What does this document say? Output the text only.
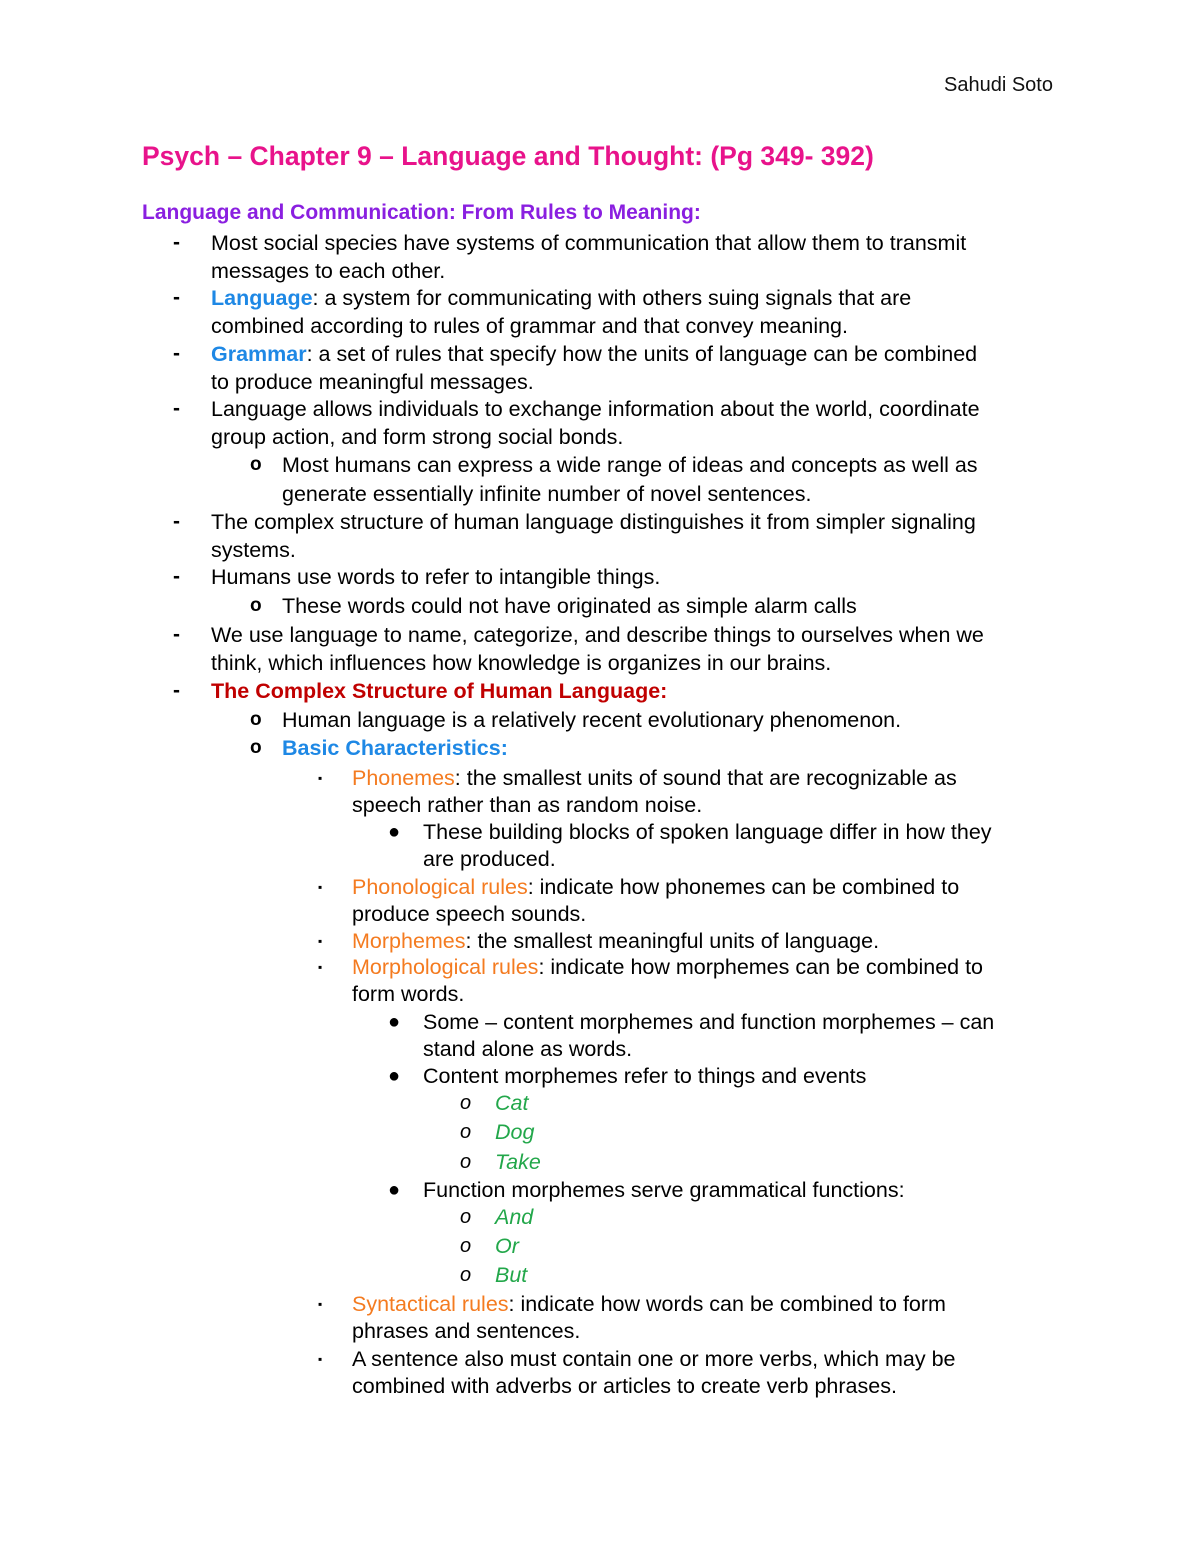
Sahudi Soto
Psych – Chapter 9 – Language and Thought: (Pg 349- 392)
Language and Communication: From Rules to Meaning:
- Most social species have systems of communication that allow them to transmit
messages to each other.
- Language: a system for communicating with others suing signals that are
combined according to rules of grammar and that convey meaning.
- Grammar: a set of rules that specify how the units of language can be combined
to produce meaningful messages.
- Language allows individuals to exchange information about the world, coordinate
group action, and form strong social bonds.
o Most humans can express a wide range of ideas and concepts as well as
generate essentially infinite number of novel sentences.
- The complex structure of human language distinguishes it from simpler signaling
systems.
- Humans use words to refer to intangible things.
o These words could not have originated as simple alarm calls
- We use language to name, categorize, and describe things to ourselves when we
think, which influences how knowledge is organizes in our brains.
- The Complex Structure of Human Language:
o Human language is a relatively recent evolutionary phenomenon.
o Basic Characteristics:
▪ Phonemes: the smallest units of sound that are recognizable as
speech rather than as random noise.
● These building blocks of spoken language differ in how they
are produced.
▪ Phonological rules: indicate how phonemes can be combined to
produce speech sounds.
▪ Morphemes: the smallest meaningful units of language.
▪ Morphological rules: indicate how morphemes can be combined to
form words.
● Some – content morphemes and function morphemes – can
stand alone as words.
● Content morphemes refer to things and events
o Cat
o Dog
o Take
● Function morphemes serve grammatical functions:
o And
o Or
o But
▪ Syntactical rules: indicate how words can be combined to form
phrases and sentences.
▪ A sentence also must contain one or more verbs, which may be
combined with adverbs or articles to create verb phrases.
